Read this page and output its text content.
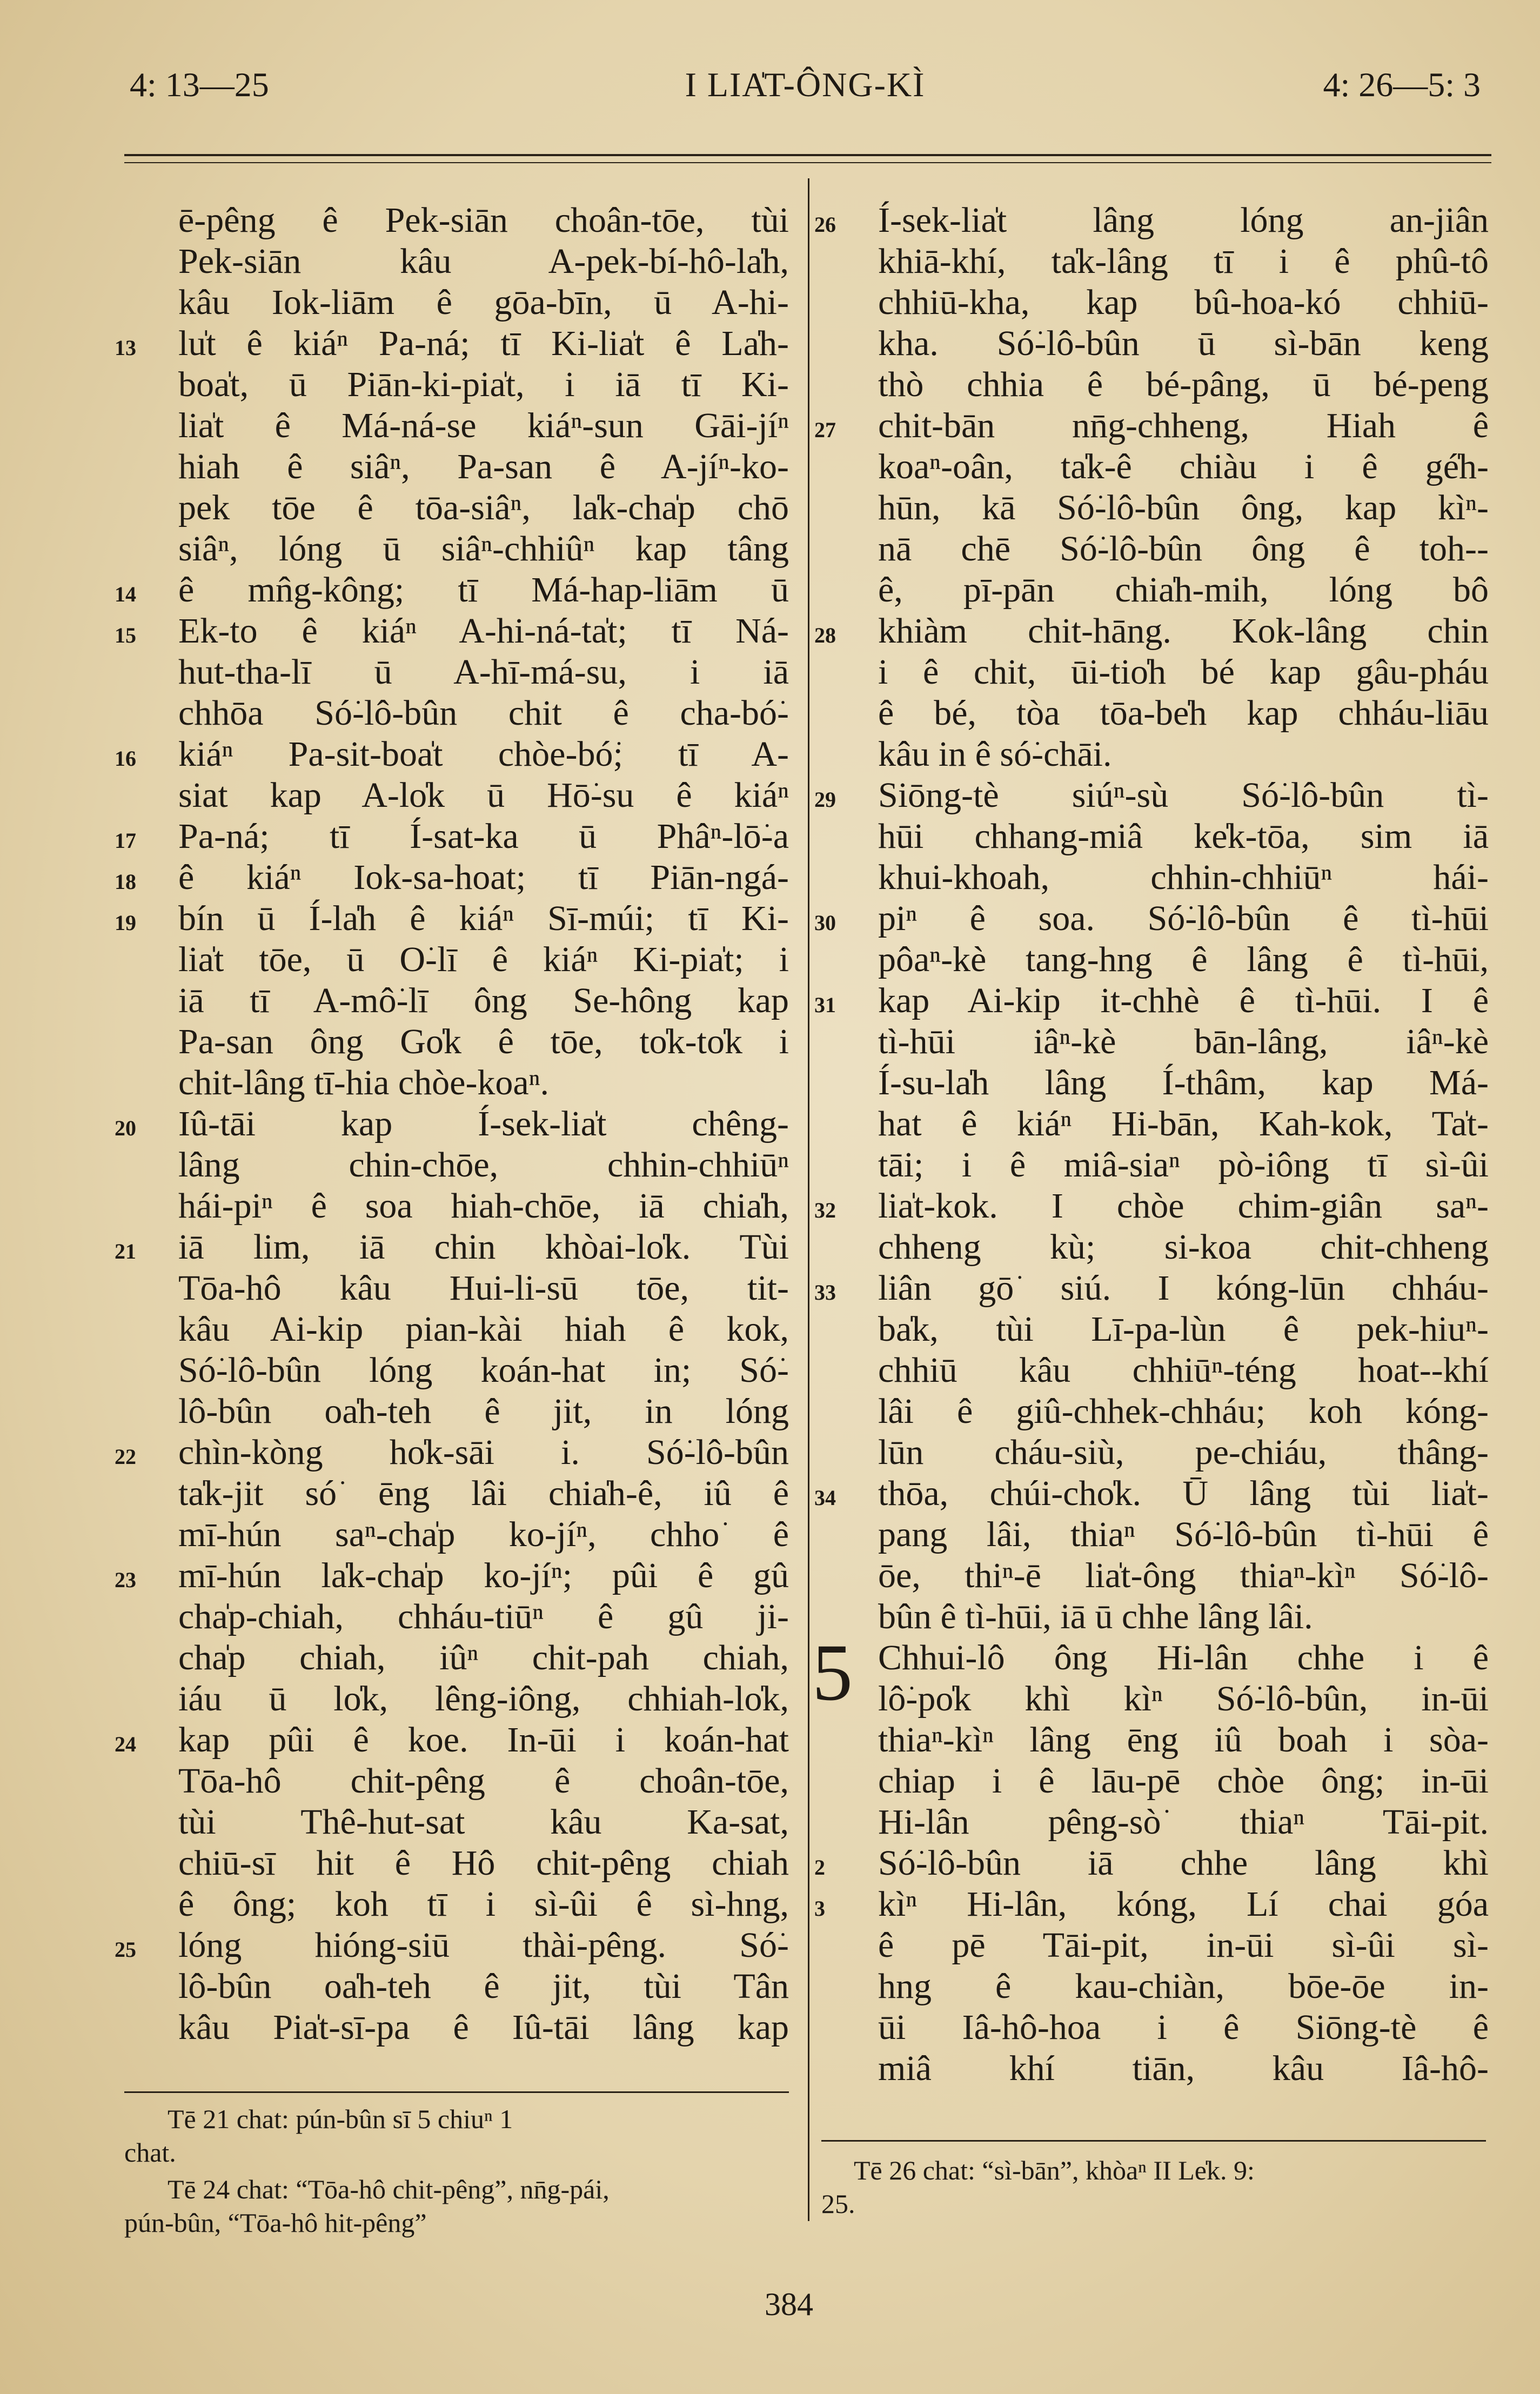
4: 13—25	I LIA̍T-ÔNG-KÌ	4: 26—5: 3
ē-pêng ê Pek-siān choân-tōe, tùi
Pek-siān kâu A-pek-bí-hô-la̍h,
kâu Iok-liām ê gōa-bīn, ū A-hi-
13 lu̍t ê kiáⁿ Pa-ná; tī Ki-lia̍t ê La̍h-
boa̍t, ū Piān-ki-pia̍t, i iā tī Ki-
lia̍t ê Má-ná-se kiáⁿ-sun Gāi-jíⁿ
hiah ê siâⁿ, Pa-san ê A-jíⁿ-ko-
pek tōe ê tōa-siâⁿ, la̍k-cha̍p chō
siâⁿ, lóng ū siâⁿ-chhiûⁿ kap tâng
14 ê mn̂g-kông; tī Má-hap-liām ū
15 Ek-to ê kiáⁿ A-hi-ná-ta̍t; tī Ná-
hut-tha-lī ū A-hī-má-su, i iā
chhōa Só͘-lô-bûn chit ê cha-bó͘-
16 kiáⁿ Pa-sit-boa̍t chòe-bó͘; tī A-
siat kap A-lo̍k ū Hō͘-su ê kiáⁿ
17 Pa-ná; tī Í-sat-ka ū Phâⁿ-lō͘-a
18 ê kiáⁿ Iok-sa-hoat; tī Piān-ngá-
19 bín ū Í-la̍h ê kiáⁿ Sī-múi; tī Ki-
lia̍t tōe, ū O͘-lī ê kiáⁿ Ki-pia̍t; i
iā tī A-mô͘-lī ông Se-hông kap
Pa-san ông Go̍k ê tōe, to̍k-to̍k i
chit-lâng tī-hia chòe-koaⁿ.
20 Iû-tāi kap Í-sek-lia̍t chêng-
lâng chin-chōe, chhin-chhiūⁿ
hái-piⁿ ê soa hiah-chōe, iā chia̍h,
21 iā lim, iā chin khòai-lo̍k. Tùi
Tōa-hô kâu Hui-li-sū tōe, tit-
kâu Ai-kip pian-kài hiah ê kok,
Só͘-lô-bûn lóng koán-hat in; Só͘-
lô-bûn oa̍h-teh ê jit, in lóng
22 chìn-kòng ho̍k-sāi i. Só͘-lô-bûn
ta̍k-jit só͘ ēng lâi chia̍h-ê, iû ê
mī-hún saⁿ-cha̍p ko-jíⁿ, chho͘ ê
23 mī-hún la̍k-cha̍p ko-jíⁿ; pûi ê gû
cha̍p-chiah, chháu-tiūⁿ ê gû ji-
cha̍p chiah, iûⁿ chit-pah chiah,
iáu ū lo̍k, lêng-iông, chhiah-lo̍k,
24 kap pûi ê koe. In-ūi i koán-hat
Tōa-hô chit-pêng ê choân-tōe,
tùi Thê-hut-sat kâu Ka-sat,
chiū-sī hit ê Hô chit-pêng chiah
ê ông; koh tī i sì-ûi ê sì-hng,
25 lóng hióng-siū thài-pêng. Só͘-
lô-bûn oa̍h-teh ê jit, tùi Tân
kâu Pia̍t-sī-pa ê Iû-tāi lâng kap
26 Í-sek-lia̍t lâng lóng an-jiân
khiā-khí, ta̍k-lâng tī i ê phû-tô
chhiū-kha, kap bû-hoa-kó chhiū-
kha. Só͘-lô-bûn ū sì-bān keng
thò chhia ê bé-pâng, ū bé-peng
27 chit-bān nn̄g-chheng, Hiah ê
koaⁿ-oân, ta̍k-ê chiàu i ê gé̍h-
hūn, kā Só͘-lô-bûn ông, kap kìⁿ-
nā chē Só͘-lô-bûn ông ê toh--
ê, pī-pān chia̍h-mih, lóng bô
28 khiàm chit-hāng. Kok-lâng chin
i ê chit, ūi-tio̍h bé kap gâu-pháu
ê bé, tòa tōa-be̍h kap chháu-liāu
kâu in ê só͘-chāi.
29 Siōng-tè siúⁿ-sù Só͘-lô-bûn tì-
hūi chhang-miâ ke̍k-tōa, sim iā
khui-khoah, chhin-chhiūⁿ hái-
30 piⁿ ê soa. Só͘-lô-bûn ê tì-hūi
pôaⁿ-kè tang-hng ê lâng ê tì-hūi,
31 kap Ai-kip it-chhè ê tì-hūi. I ê
tì-hūi iâⁿ-kè bān-lâng, iâⁿ-kè
Í-su-la̍h lâng Í-thâm, kap Má-
hat ê kiáⁿ Hi-bān, Kah-kok, Ta̍t-
tāi; i ê miâ-siaⁿ pò-iông tī sì-ûi
32 lia̍t-kok. I chòe chim-giân saⁿ-
chheng kù; si-koa chit-chheng
33 liân gō͘ siú. I kóng-lūn chháu-
ba̍k, tùi Lī-pa-lùn ê pek-hiuⁿ-
chhiū kâu chhiūⁿ-téng hoat--khí
lâi ê giû-chhek-chháu; koh kóng-
lūn cháu-siù, pe-chiáu, thâng-
34 thōa, chúi-cho̍k. Ū lâng tùi lia̍t-
pang lâi, thiaⁿ Só͘-lô-bûn tì-hūi ê
ōe, thiⁿ-ē lia̍t-ông thiaⁿ-kìⁿ Só͘-lô-
bûn ê tì-hūi, iā ū chhe lâng lâi.
5 Chhui-lô ông Hi-lân chhe i ê
lô͘-po̍k khì kìⁿ Só͘-lô-bûn, in-ūi
thiaⁿ-kìⁿ lâng ēng iû boah i sòa-
chiap i ê lāu-pē chòe ông; in-ūi
Hi-lân pêng-sò͘ thiaⁿ Tāi-pit.
2 Só͘-lô-bûn iā chhe lâng khì
3 kìⁿ Hi-lân, kóng, Lí chai góa
ê pē Tāi-pit, in-ūi sì-ûi sì-
hng ê kau-chiàn, bōe-ōe in-
ūi Iâ-hô-hoa i ê Siōng-tè ê
miâ khí tiān, kâu Iâ-hô-
Tē 21 chat: pún-bûn sī 5 chiuⁿ 1
chat.
Tē 24 chat: “Tōa-hô chit-pêng”, nn̄g-pái,
pún-bûn, “Tōa-hô hit-pêng”
Tē 26 chat: “sì-bān”, khòaⁿ II Le̍k. 9:
25.
384
